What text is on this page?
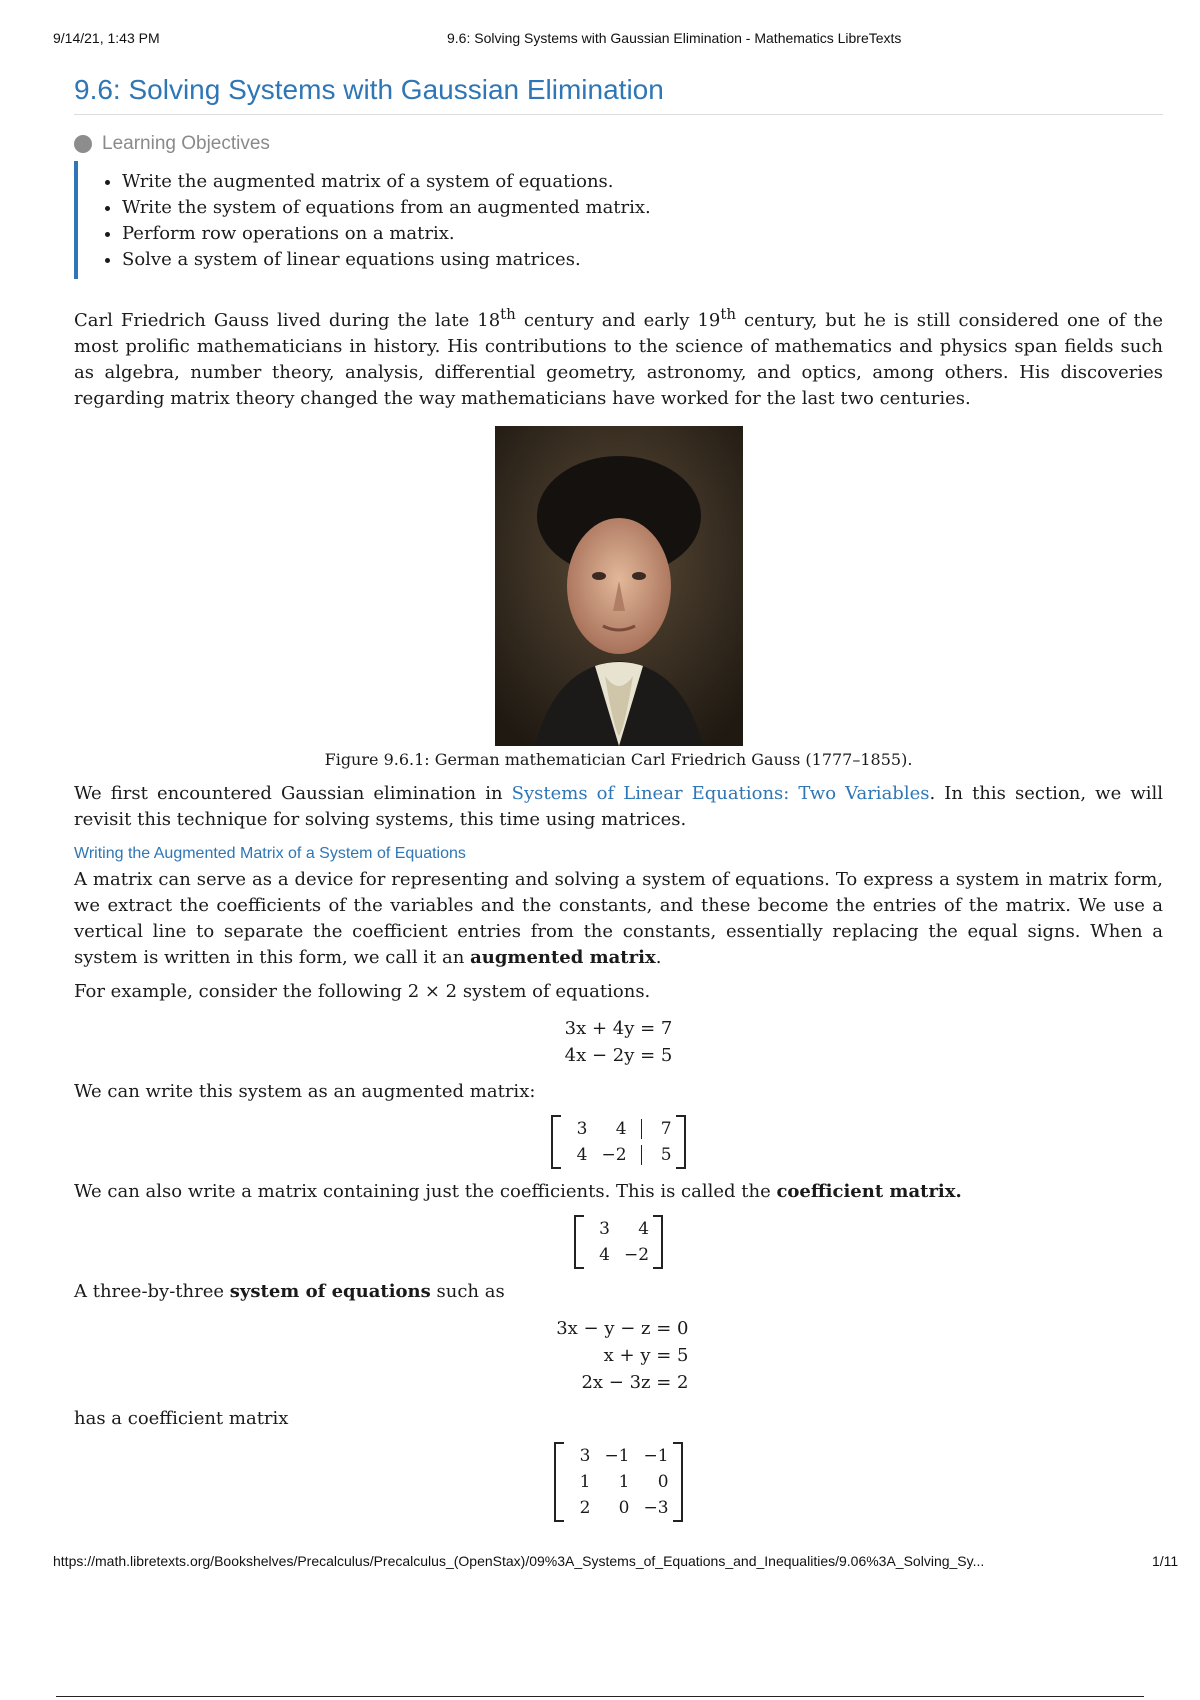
9/14/21, 1:43 PM	9.6: Solving Systems with Gaussian Elimination - Mathematics LibreTexts
9.6: Solving Systems with Gaussian Elimination
Learning Objectives
• Write the augmented matrix of a system of equations.
• Write the system of equations from an augmented matrix.
• Perform row operations on a matrix.
• Solve a system of linear equations using matrices.

Carl Friedrich Gauss lived during the late 18th century and early 19th century, but he is still considered one of the most prolific mathematicians in history. His contributions to the science of mathematics and physics span fields such as algebra, number theory, analysis, differential geometry, astronomy, and optics, among others. His discoveries regarding matrix theory changed the way mathematicians have worked for the last two centuries.

Figure 9.6.1: German mathematician Carl Friedrich Gauss (1777–1855).

We first encountered Gaussian elimination in Systems of Linear Equations: Two Variables. In this section, we will revisit this technique for solving systems, this time using matrices.

Writing the Augmented Matrix of a System of Equations

A matrix can serve as a device for representing and solving a system of equations. To express a system in matrix form, we extract the coefficients of the variables and the constants, and these become the entries of the matrix. We use a vertical line to separate the coefficient entries from the constants, essentially replacing the equal signs. When a system is written in this form, we call it an augmented matrix.

For example, consider the following 2 × 2 system of equations.

3x + 4y = 7
4x − 2y = 5

We can write this system as an augmented matrix:

3	4	7
4 −2	5

We can also write a matrix containing just the coefficients. This is called the coefficient matrix.

3	4
4 −2

A three-by-three system of equations such as

3x − y − z = 0
x + y = 5
2x − 3z = 2

has a coefficient matrix

3 −1 −1
1	1	0
2	0 −3
https://math.libretexts.org/Bookshelves/Precalculus/Precalculus_(OpenStax)/09%3A_Systems_of_Equations_and_Inequalities/9.06%3A_Solving_Sy...	1/11
